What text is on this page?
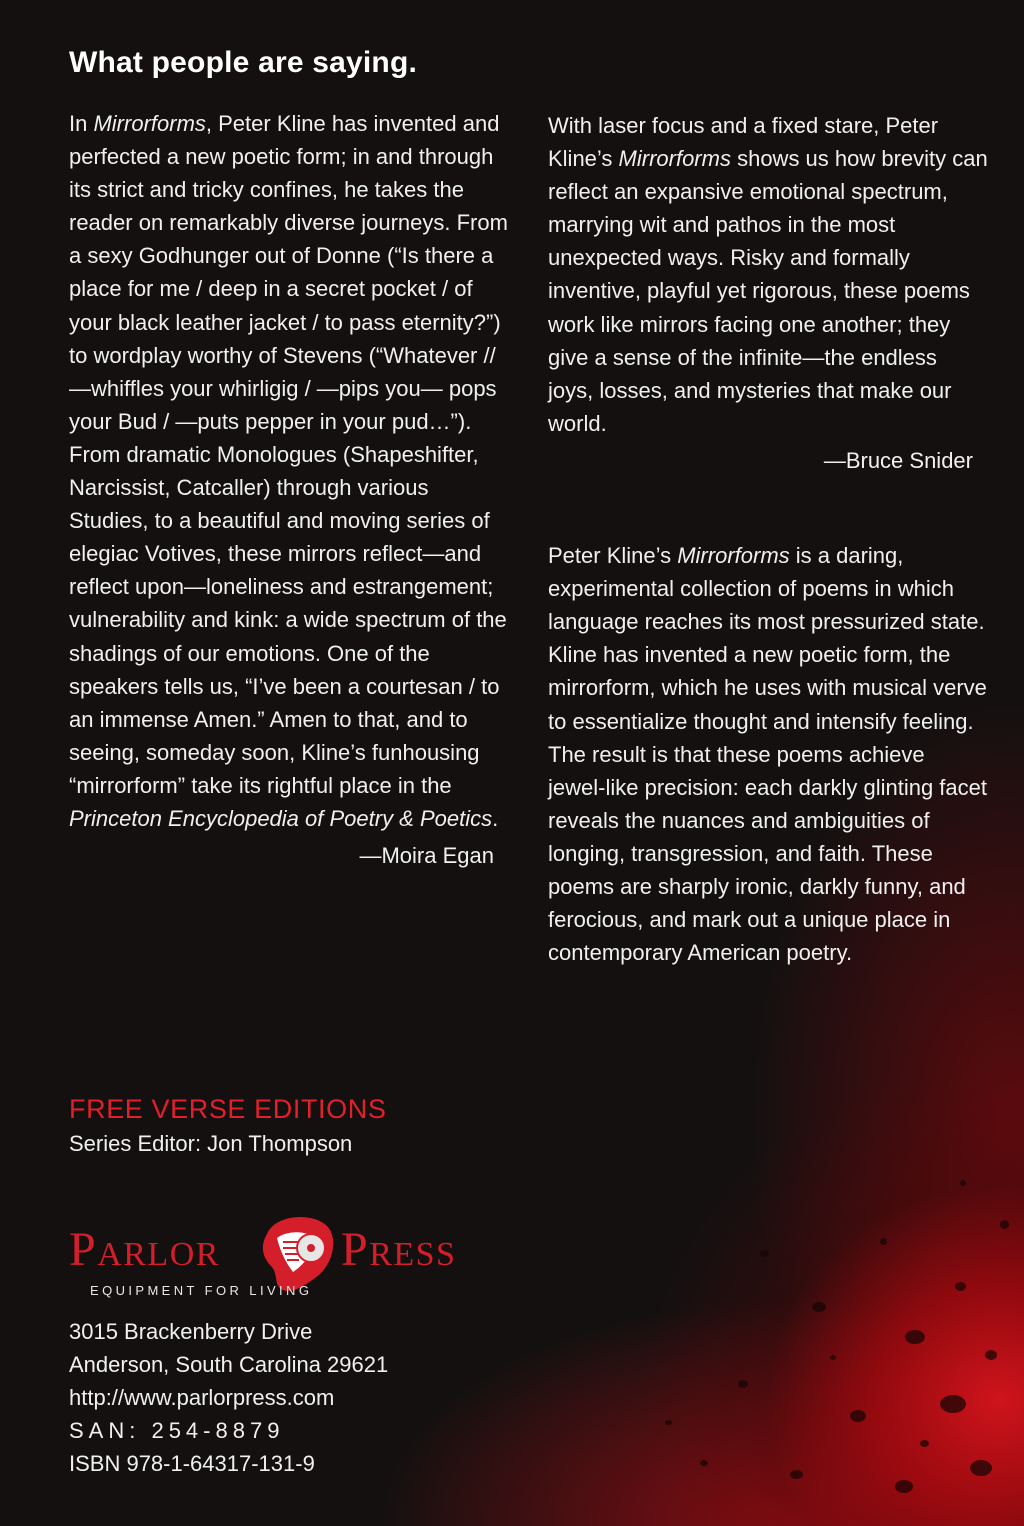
What people are saying.

In Mirrorforms, Peter Kline has invented and perfected a new poetic form; in and through its strict and tricky confines, he takes the reader on remarkably diverse journeys. From a sexy Godhunger out of Donne (“Is there a place for me / deep in a secret pocket / of your black leather jacket / to pass eternity?”) to wordplay worthy of Stevens (“Whatever // —whiffles your whirligig / —pips you— pops your Bud / —puts pepper in your pud…”). From dramatic Monologues (Shapeshifter, Narcissist, Catcaller) through various Studies, to a beautiful and moving series of elegiac Votives, these mirrors reflect—and reflect upon—loneliness and estrangement; vulnerability and kink: a wide spectrum of the shadings of our emotions. One of the speakers tells us, “I’ve been a courtesan / to an immense Amen.” Amen to that, and to seeing, someday soon, Kline’s funhousing “mirrorform” take its rightful place in the Princeton Encyclopedia of Poetry & Poetics.

—Moira Egan

With laser focus and a fixed stare, Peter Kline’s Mirrorforms shows us how brevity can reflect an expansive emotional spectrum, marrying wit and pathos in the most unexpected ways. Risky and formally inventive, playful yet rigorous, these poems work like mirrors facing one another; they give a sense of the infinite—the endless joys, losses, and mysteries that make our world.

—Bruce Snider

Peter Kline’s Mirrorforms is a daring, experimental collection of poems in which language reaches its most pressurized state. Kline has invented a new poetic form, the mirrorform, which he uses with musical verve to essentialize thought and intensify feeling. The result is that these poems achieve jewel-like precision: each darkly glinting facet reveals the nuances and ambiguities of longing, transgression, and faith. These poems are sharply ironic, darkly funny, and ferocious, and mark out a unique place in contemporary American poetry.

FREE VERSE EDITIONS

Series Editor: Jon Thompson

Parlor	Press
EQUIPMENT FOR LIVING
3015 Brackenberry Drive
Anderson, South Carolina 29621
http://www.parlorpress.com
SAN: 254-8879
ISBN 978-1-64317-131-9
